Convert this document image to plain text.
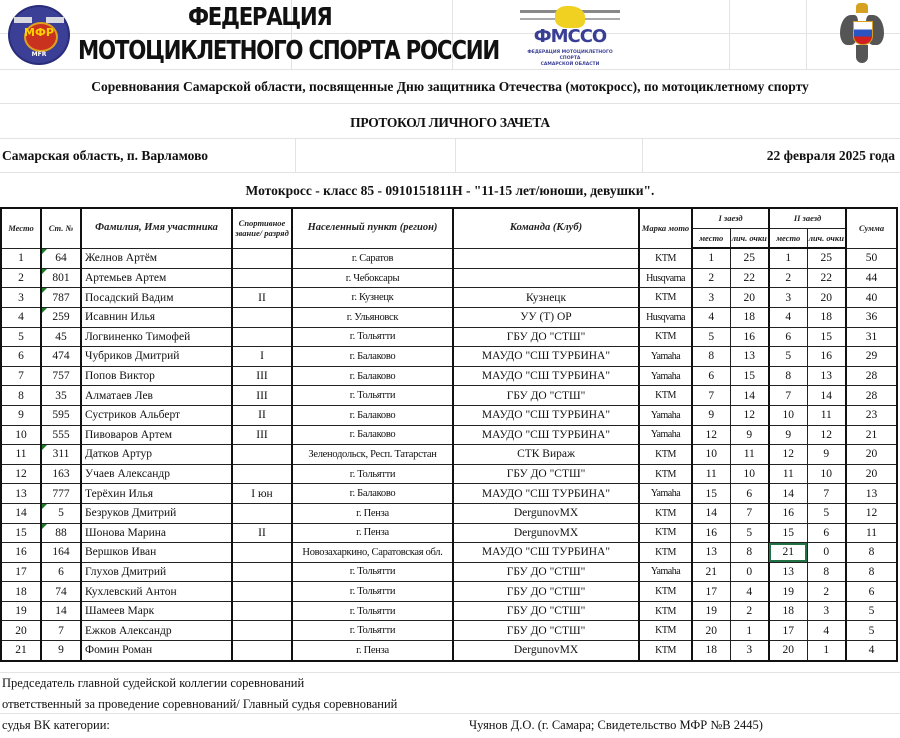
МФР
MFR
ФЕДЕРАЦИЯ
МОТОЦИКЛЕТНОГО СПОРТА РОССИИ	ФМССО
ФЕДЕРАЦИЯ МОТОЦИКЛЕТНОГО СПОРТА
САМАРСКОЙ ОБЛАСТИ
Соревнования Самарской области, посвященные Дню защитника Отечества (мотокросс), по мотоциклетному спорту
ПРОТОКОЛ ЛИЧНОГО ЗАЧЕТА
Самарская область, п. Варламово	22 февраля 2025 года
Мотокросс - класс 85 - 0910151811Н - "11-15 лет/юноши, девушки".
Место	Ст. №	Фамилия, Имя участника	Спортивное звание/ разряд	Населенный пункт (регион)	Команда (Клуб)	Марка мото	I заезд		II заезд		Сумма
							место	лич. очки	место	лич. очки	
1	64	Желнов Артём		г. Саратов		KTM	1	25	1	25	50
2	801	Артемьев Артем		г. Чебоксары		Husqvarna	2	22	2	22	44
3	787	Посадский Вадим	II	г. Кузнецк	Кузнецк	KTM	3	20	3	20	40
4	259	Исавнин Илья		г. Ульяновск	УУ (Т) ОР	Husqvarna	4	18	4	18	36
5	45	Логвиненко Тимофей		г. Тольятти	ГБУ ДО "СТШ"	KTM	5	16	6	15	31
6	474	Чубриков Дмитрий	I	г. Балаково	МАУДО "СШ ТУРБИНА"	Yamaha	8	13	5	16	29
7	757	Попов Виктор	III	г. Балаково	МАУДО "СШ ТУРБИНА"	Yamaha	6	15	8	13	28
8	35	Алматаев Лев	III	г. Тольятти	ГБУ ДО "СТШ"	KTM	7	14	7	14	28
9	595	Сустриков Альберт	II	г. Балаково	МАУДО "СШ ТУРБИНА"	Yamaha	9	12	10	11	23
10	555	Пивоваров Артем	III	г. Балаково	МАУДО "СШ ТУРБИНА"	Yamaha	12	9	9	12	21
11	311	Датков Артур		Зеленодольск, Респ. Татарстан	СТК Вираж	KTM	10	11	12	9	20
12	163	Учаев Александр		г. Тольятти	ГБУ ДО "СТШ"	KTM	11	10	11	10	20
13	777	Терёхин Илья	I юн	г. Балаково	МАУДО "СШ ТУРБИНА"	Yamaha	15	6	14	7	13
14	5	Безруков Дмитрий		г. Пенза	DergunovMX	KTM	14	7	16	5	12
15	88	Шонова Марина	II	г. Пенза	DergunovMX	KTM	16	5	15	6	11
16	164	Вершков Иван		Новозахаркино, Саратовская обл.	МАУДО "СШ ТУРБИНА"	KTM	13	8	21	0	8
17	6	Глухов Дмитрий		г. Тольятти	ГБУ ДО "СТШ"	Yamaha	21	0	13	8	8
18	74	Кухлевский Антон		г. Тольятти	ГБУ ДО "СТШ"	KTM	17	4	19	2	6
19	14	Шамеев Марк		г. Тольятти	ГБУ ДО "СТШ"	KTM	19	2	18	3	5
20	7	Ежков Александр		г. Тольятти	ГБУ ДО "СТШ"	KTM	20	1	17	4	5
21	9	Фомин Роман		г. Пенза	DergunovMX	KTM	18	3	20	1	4
Председатель главной судейской коллегии соревнований
ответственный за проведение соревнований/ Главный судья соревнований
судья ВК категории:	Чуянов Д.О. (г. Самара; Свидетельство МФР №В 2445)
